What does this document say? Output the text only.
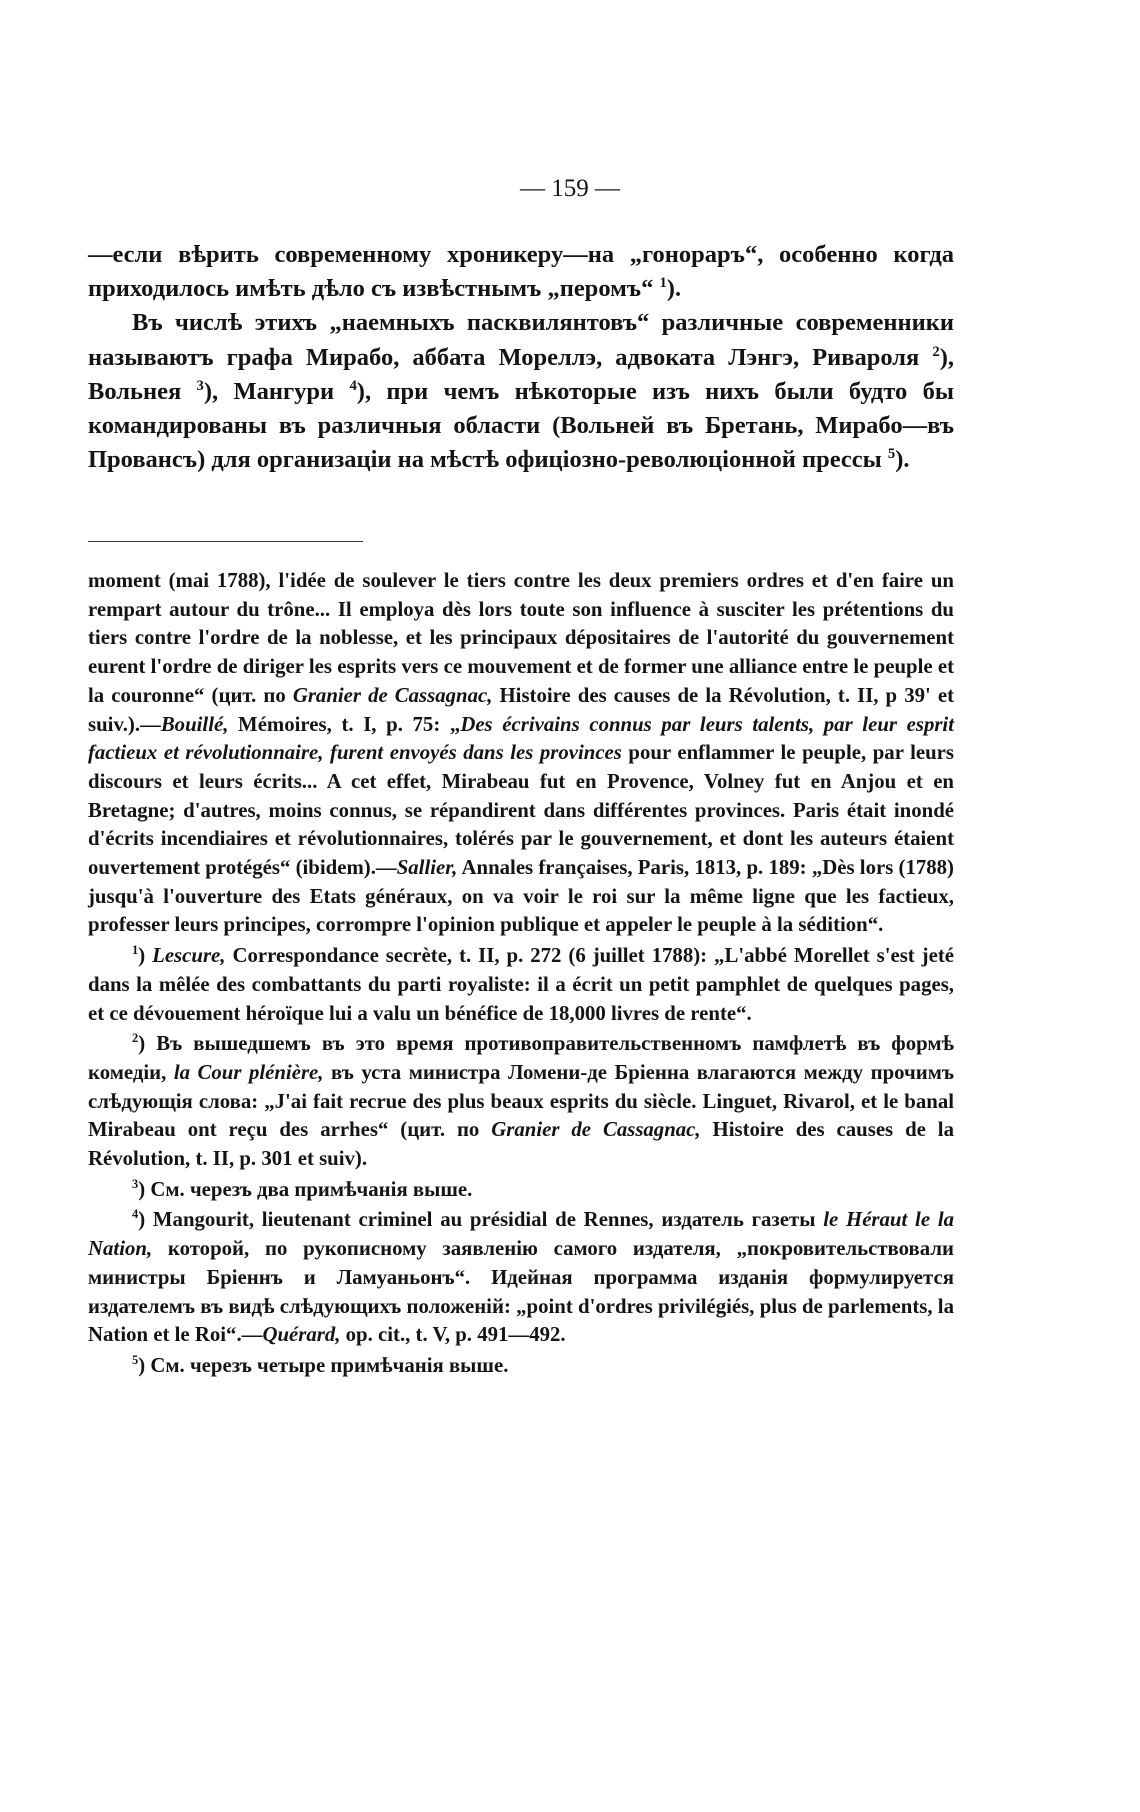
— 159 —

—если вѣрить современному хроникеру—на „гонораръ“, особенно когда приходилось имѣть дѣло съ извѣстнымъ „перомъ“ $^1$).

Въ числѣ этихъ „наемныхъ пасквилянтовъ“ различные современники называютъ графа Мирабо, аббата Мореллэ, адвоката Лэнгэ, Ривароля $^2$), Вольнея $^3$), Мангури $^4$), при чемъ нѣкоторые изъ нихъ были будто бы командированы въ различныя области (Вольней въ Бретань, Мирабо—въ Провансъ) для организаціи на мѣстѣ офиціозно-революціонной прессы $^5$).

moment (mai 1788), l'idée de soulever le tiers contre les deux premiers ordres et d'en faire un rempart autour du trône... Il employa dès lors toute son influence à susciter les prétentions du tiers contre l'ordre de la noblesse, et les principaux dépositaires de l'autorité du gouvernement eurent l'ordre de diriger les esprits vers ce mouvement et de former une alliance entre le peuple et la couronne“ (цит. по Granier de Cassagnac, Histoire des causes de la Révolution, t. II, p 39' et suiv.).—Bouillé, Mémoires, t. I, p. 75: „Des écrivains connus par leurs talents, par leur esprit factieux et révolutionnaire, furent envoyés dans les provinces pour enflammer le peuple, par leurs discours et leurs écrits... A cet effet, Mirabeau fut en Provence, Volney fut en Anjou et en Bretagne; d'autres, moins connus, se répandirent dans différentes provinces. Paris était inondé d'écrits incendiaires et révolutionnaires, tolérés par le gouvernement, et dont les auteurs étaient ouvertement protégés“ (ibidem).—Sallier, Annales françaises, Paris, 1813, p. 189: „Dès lors (1788) jusqu'à l'ouverture des Etats généraux, on va voir le roi sur la même ligne que les factieux, professer leurs principes, corrompre l'opinion publique et appeler le peuple à la sédition“.

$^1$) Lescure, Correspondance secrète, t. II, p. 272 (6 juillet 1788): „L'abbé Morellet s'est jeté dans la mêlée des combattants du parti royaliste: il a écrit un petit pamphlet de quelques pages, et ce dévouement héroïque lui a valu un bénéfice de 18,000 livres de rente“.

$^2$) Въ вышедшемъ въ это время противоправительственномъ памфлетѣ въ формѣ комедіи, la Cour plénière, въ уста министра Ломени-де Бріенна влагаются между прочимъ слѣдующія слова: „J'ai fait recrue des plus beaux esprits du siècle. Linguet, Rivarol, et le banal Mirabeau ont reçu des arrhes“ (цит. по Granier de Cassagnac, Histoire des causes de la Révolution, t. II, p. 301 et suiv).

$^3$) См. черезъ два примѣчанія выше.

$^4$) Mangourit, lieutenant criminel au présidial de Rennes, издатель газеты le Héraut le la Nation, которой, по рукописному заявленію самого издателя, „покровительствовали министры Бріеннъ и Ламуаньонъ“. Идейная программа изданія формулируется издателемъ въ видѣ слѣдующихъ положеній: „point d'ordres privilégiés, plus de parlements, la Nation et le Roi“.—Quérard, op. cit., t. V, p. 491—492.

$^5$) См. черезъ четыре примѣчанія выше.
